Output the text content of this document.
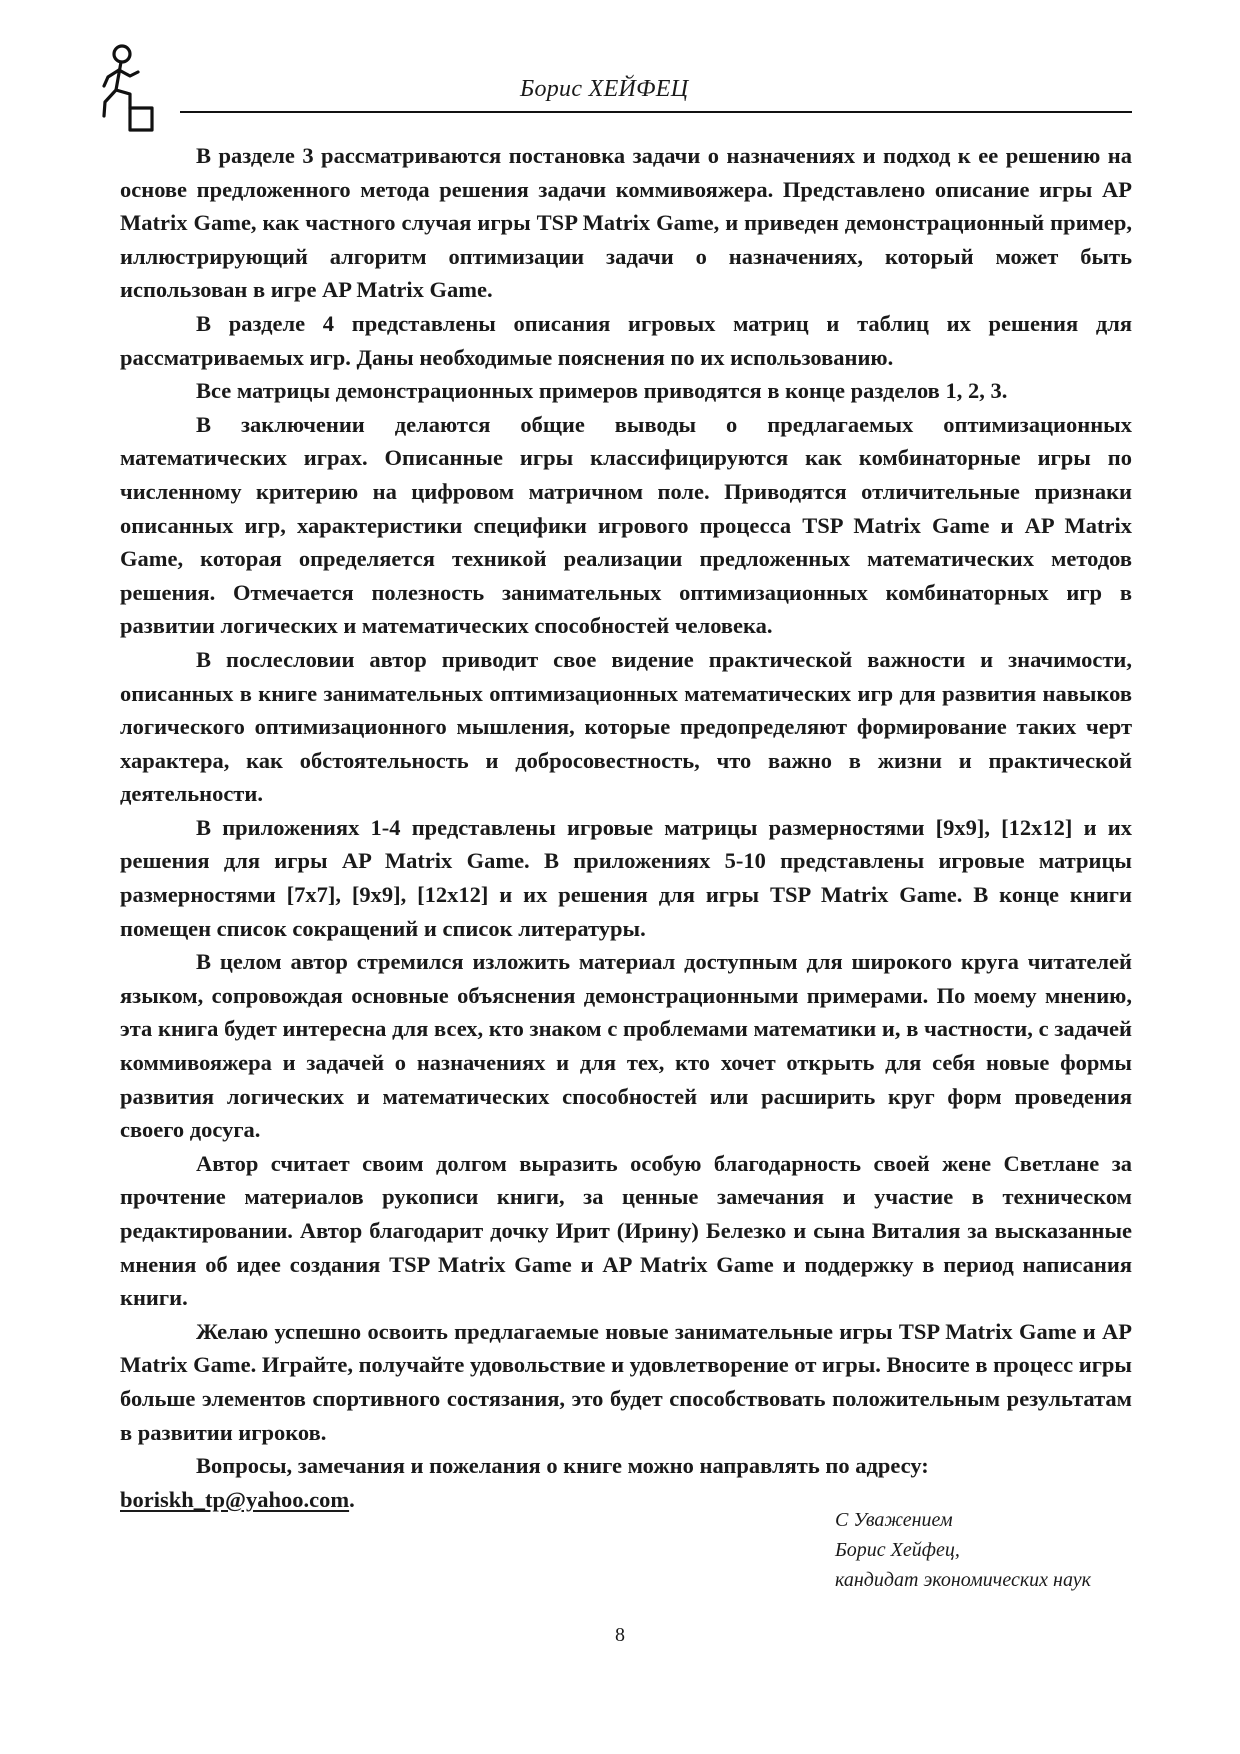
Борис ХЕЙФЕЦ

В разделе 3 рассматриваются постановка задачи о назначениях и подход к ее решению на основе предложенного метода решения задачи коммивояжера. Представлено описание игры AP Matrix Game, как частного случая игры TSP Matrix Game, и приведен демонстрационный пример, иллюстрирующий алгоритм оптимизации задачи о назначениях, который может быть использован в игре AP Matrix Game.

В разделе 4 представлены описания игровых матриц и таблиц их решения для рассматриваемых игр. Даны необходимые пояснения по их использованию.

Все матрицы демонстрационных примеров приводятся в конце разделов 1, 2, 3.

В заключении делаются общие выводы о предлагаемых оптимизационных математических играх. Описанные игры классифицируются как комбинаторные игры по численному критерию на цифровом матричном поле. Приводятся отличительные признаки описанных игр, характеристики специфики игрового процесса TSP Matrix Game и AP Matrix Game, которая определяется техникой реализации предложенных математических методов решения. Отмечается полезность занимательных оптимизационных комбинаторных игр в развитии логических и математических способностей человека.

В послесловии автор приводит свое видение практической важности и значимости, описанных в книге занимательных оптимизационных математических игр для развития навыков логического оптимизационного мышления, которые предопределяют формирование таких черт характера, как обстоятельность и добросовестность, что важно в жизни и практической деятельности.

В приложениях 1-4 представлены игровые матрицы размерностями [9x9], [12x12] и их решения для игры AP Matrix Game. В приложениях 5-10 представлены игровые матрицы размерностями [7x7], [9x9], [12x12] и их решения для игры TSP Matrix Game. В конце книги помещен список сокращений и список литературы.

В целом автор стремился изложить материал доступным для широкого круга читателей языком, сопровождая основные объяснения демонстрационными примерами. По моему мнению, эта книга будет интересна для всех, кто знаком с проблемами математики и, в частности, с задачей коммивояжера и задачей о назначениях и для тех, кто хочет открыть для себя новые формы развития логических и математических способностей или расширить круг форм проведения своего досуга.

Автор считает своим долгом выразить особую благодарность своей жене Светлане за прочтение материалов рукописи книги, за ценные замечания и участие в техническом редактировании. Автор благодарит дочку Ирит (Ирину) Белезко и сына Виталия за высказанные мнения об идее создания TSP Matrix Game и AP Matrix Game и поддержку в период написания книги.

Желаю успешно освоить предлагаемые новые занимательные игры TSP Matrix Game и AP Matrix Game. Играйте, получайте удовольствие и удовлетворение от игры. Вносите в процесс игры больше элементов спортивного состязания, это будет способствовать положительным результатам в развитии игроков.

Вопросы, замечания и пожелания о книге можно направлять по адресу:
boriskh_tp@yahoo.com.

С Уважением
Борис Хейфец,
кандидат экономических наук
8
